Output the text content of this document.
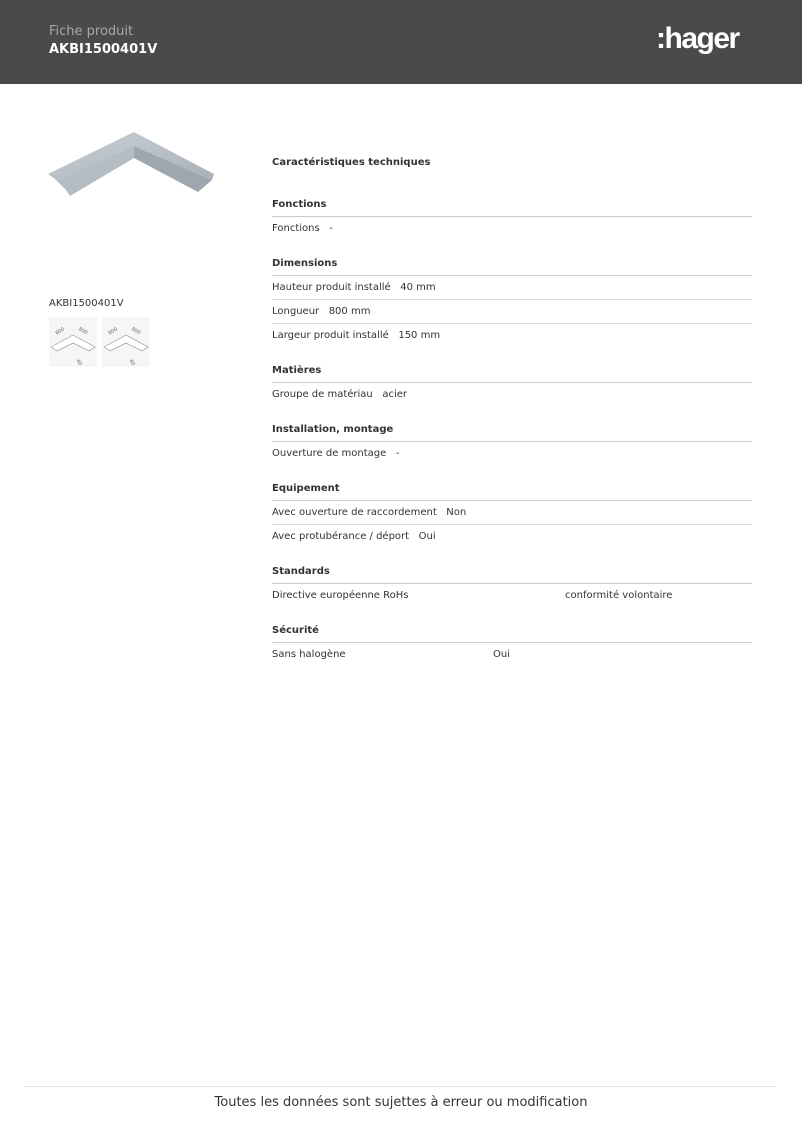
Fiche produit
AKBI1500401V	:hager
AKBI1500401V
800 800
40
800 800
40
Caractéristiques techniques
Fonctions
Fonctions -
Dimensions
Hauteur produit installé 40 mm
Longueur 800 mm
Largeur produit installé 150 mm
Matières
Groupe de matériau acier
Installation, montage
Ouverture de montage -
Equipement
Avec ouverture de raccordement Non
Avec protubérance / déport Oui
Standards
Directive européenne RoHs	conformité volontaire
Sécurité
Sans halogène	Oui
Toutes les données sont sujettes à erreur ou modification
